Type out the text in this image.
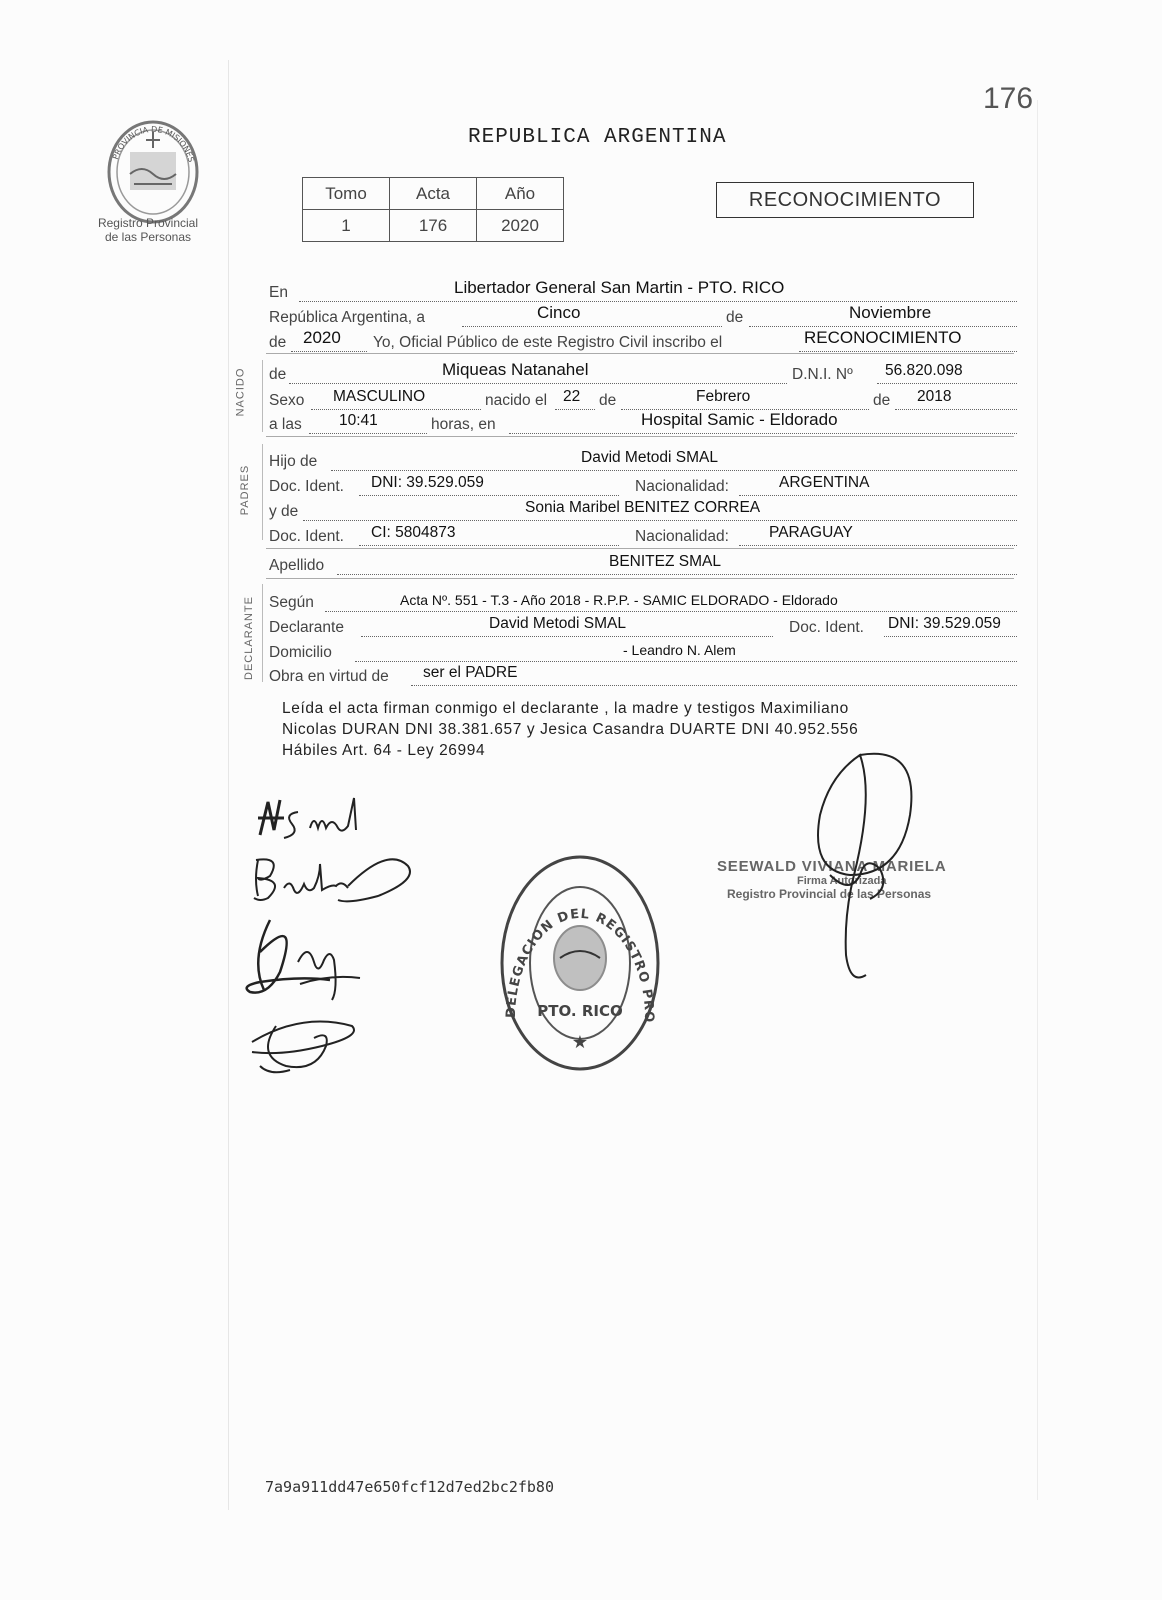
176
PROVINCIA DE MISIONES
Registro Provincial
de las Personas
REPUBLICA ARGENTINA
Tomo	Acta	Año
1	176	2020
RECONOCIMIENTO
En	Libertador General San Martin - PTO. RICO
República Argentina, a	Cinco	de	Noviembre
de 2020 Yo, Oficial Público de este Registro Civil inscribo el	RECONOCIMIENTO
NACIDO de	Miqueas Natanahel	D.N.I. Nº 56.820.098
Sexo MASCULINO	nacido el 22 de	Febrero	de 2018
a las 10:41	horas, en	Hospital Samic - Eldorado
PADRES
Hijo de	David Metodi SMAL
Doc. Ident. DNI: 39.529.059	Nacionalidad:	ARGENTINA
y de	Sonia Maribel BENITEZ CORREA
Doc. Ident. CI: 5804873	Nacionalidad:	PARAGUAY
Apellido	BENITEZ SMAL
DECLARANTE Según	Acta Nº. 551 - T.3 - Año 2018 - R.P.P. - SAMIC ELDORADO - Eldorado
Declarante	David Metodi SMAL	Doc. Ident. DNI: 39.529.059
Domicilio	- Leandro N. Alem
Obra en virtud de ser el PADRE
Leída el acta firman conmigo el declarante , la madre y testigos Maximiliano
Nicolas DURAN DNI 38.381.657 y Jesica Casandra DUARTE DNI 40.952.556
Hábiles Art. 64 - Ley 26994
DELEGACION DEL REGISTRO PROVINCIAL DE LAS PERSONAS
PTO. RICO
★
SEEWALD VIVIANA MARIELA
Firma Autorizada
Registro Provincial de las Personas
7a9a911dd47e650fcf12d7ed2bc2fb80
